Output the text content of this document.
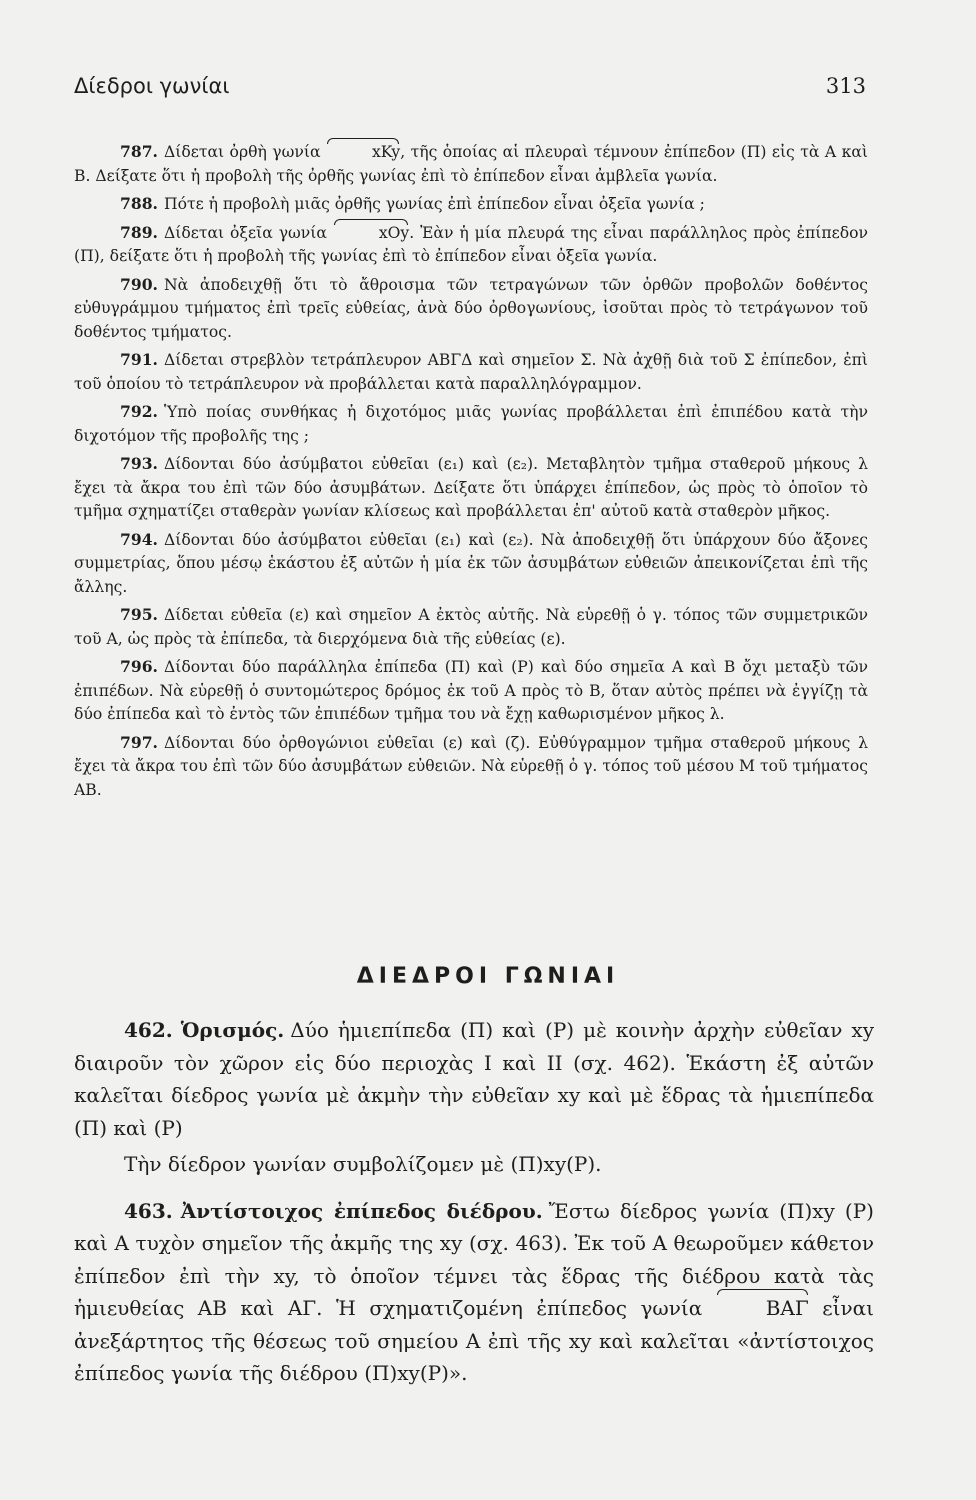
Δίεδροι γωνίαι	313

787. Δίδεται ὀρθὴ γωνία	xKy, τῆς ὁποίας αἱ πλευραὶ τέμνουν ἐπίπεδον (Π) εἰς τὰ Α καὶ Β. Δείξατε ὅτι ἡ προβολὴ τῆς ὀρθῆς γωνίας ἐπὶ τὸ ἐπίπεδον εἶναι ἀμβλεῖα γωνία.

788. Πότε ἡ προβολὴ μιᾶς ὀρθῆς γωνίας ἐπὶ ἐπίπεδον εἶναι ὀξεῖα γωνία ;

789. Δίδεται ὀξεῖα γωνία	xOy. Ἐὰν ἡ μία πλευρά της εἶναι παράλληλος πρὸς ἐπίπεδον (Π), δείξατε ὅτι ἡ προβολὴ τῆς γωνίας ἐπὶ τὸ ἐπίπεδον εἶναι ὀξεῖα γωνία.

790. Νὰ ἀποδειχθῇ ὅτι τὸ ἄθροισμα τῶν τετραγώνων τῶν ὀρθῶν προβολῶν δοθέντος εὐθυγράμμου τμήματος ἐπὶ τρεῖς εὐθείας, ἀνὰ δύο ὀρθογωνίους, ἰσοῦται πρὸς τὸ τετράγωνον τοῦ δοθέντος τμήματος.

791. Δίδεται στρεβλὸν τετράπλευρον ΑΒΓΔ καὶ σημεῖον Σ. Νὰ ἀχθῇ διὰ τοῦ Σ ἐπίπεδον, ἐπὶ τοῦ ὁποίου τὸ τετράπλευρον νὰ προβάλλεται κατὰ παραλληλόγραμμον.

792. Ὑπὸ ποίας συνθήκας ἡ διχοτόμος μιᾶς γωνίας προβάλλεται ἐπὶ ἐπιπέδου κατὰ τὴν διχοτόμον τῆς προβολῆς της ;

793. Δίδονται δύο ἀσύμβατοι εὐθεῖαι (ε₁) καὶ (ε₂). Μεταβλητὸν τμῆμα σταθεροῦ μήκους λ ἔχει τὰ ἄκρα του ἐπὶ τῶν δύο ἀσυμβάτων. Δείξατε ὅτι ὑπάρχει ἐπίπεδον, ὡς πρὸς τὸ ὁποῖον τὸ τμῆμα σχηματίζει σταθερὰν γωνίαν κλίσεως καὶ προβάλλεται ἐπ' αὐτοῦ κατὰ σταθερὸν μῆκος.

794. Δίδονται δύο ἀσύμβατοι εὐθεῖαι (ε₁) καὶ (ε₂). Νὰ ἀποδειχθῇ ὅτι ὑπάρχουν δύο ἄξονες συμμετρίας, ὅπου μέσῳ ἑκάστου ἐξ αὐτῶν ἡ μία ἐκ τῶν ἀσυμβάτων εὐθειῶν ἀπεικονίζεται ἐπὶ τῆς ἄλλης.

795. Δίδεται εὐθεῖα (ε) καὶ σημεῖον Α ἐκτὸς αὐτῆς. Νὰ εὑρεθῇ ὁ γ. τόπος τῶν συμμετρικῶν τοῦ Α, ὡς πρὸς τὰ ἐπίπεδα, τὰ διερχόμενα διὰ τῆς εὐθείας (ε).

796. Δίδονται δύο παράλληλα ἐπίπεδα (Π) καὶ (Ρ) καὶ δύο σημεῖα Α καὶ Β ὄχι μεταξὺ τῶν ἐπιπέδων. Νὰ εὑρεθῇ ὁ συντομώτερος δρόμος ἐκ τοῦ Α πρὸς τὸ Β, ὅταν αὐτὸς πρέπει νὰ ἐγγίζῃ τὰ δύο ἐπίπεδα καὶ τὸ ἐντὸς τῶν ἐπιπέδων τμῆμα του νὰ ἔχῃ καθωρισμένον μῆκος λ.

797. Δίδονται δύο ὀρθογώνιοι εὐθεῖαι (ε) καὶ (ζ). Εὐθύγραμμον τμῆμα σταθεροῦ μήκους λ ἔχει τὰ ἄκρα του ἐπὶ τῶν δύο ἀσυμβάτων εὐθειῶν. Νὰ εὑρεθῇ ὁ γ. τόπος τοῦ μέσου Μ τοῦ τμήματος ΑΒ.

ΔΙΕΔΡΟΙ ΓΩΝΙΑΙ

462. Ὁρισμός. Δύο ἡμιεπίπεδα (Π) καὶ (Ρ) μὲ κοινὴν ἀρχὴν εὐθεῖαν xy διαιροῦν τὸν χῶρον εἰς δύο περιοχὰς Ι καὶ ΙΙ (σχ. 462). Ἑκάστη ἐξ αὐτῶν καλεῖται δίεδρος γωνία μὲ ἀκμὴν τὴν εὐθεῖαν xy καὶ μὲ ἕδρας τὰ ἡμιεπίπεδα (Π) καὶ (Ρ)

Τὴν δίεδρον γωνίαν συμβολίζομεν μὲ (Π)xy(Ρ).

463. Ἀντίστοιχος ἐπίπεδος διέδρου. Ἔστω δίεδρος γωνία (Π)xy (Ρ) καὶ Α τυχὸν σημεῖον τῆς ἀκμῆς της xy (σχ. 463). Ἐκ τοῦ Α θεωροῦμεν κάθετον ἐπίπεδον ἐπὶ τὴν xy, τὸ ὁποῖον τέμνει τὰς ἕδρας τῆς διέδρου κατὰ τὰς ἡμιευθείας ΑΒ καὶ ΑΓ. Ἡ σχηματιζομένη ἐπίπεδος γωνία	ΒΑΓ εἶναι ἀνεξάρτητος τῆς θέσεως τοῦ σημείου Α ἐπὶ τῆς xy καὶ καλεῖται «ἀντίστοιχος ἐπίπεδος γωνία τῆς διέδρου (Π)xy(Ρ)».
